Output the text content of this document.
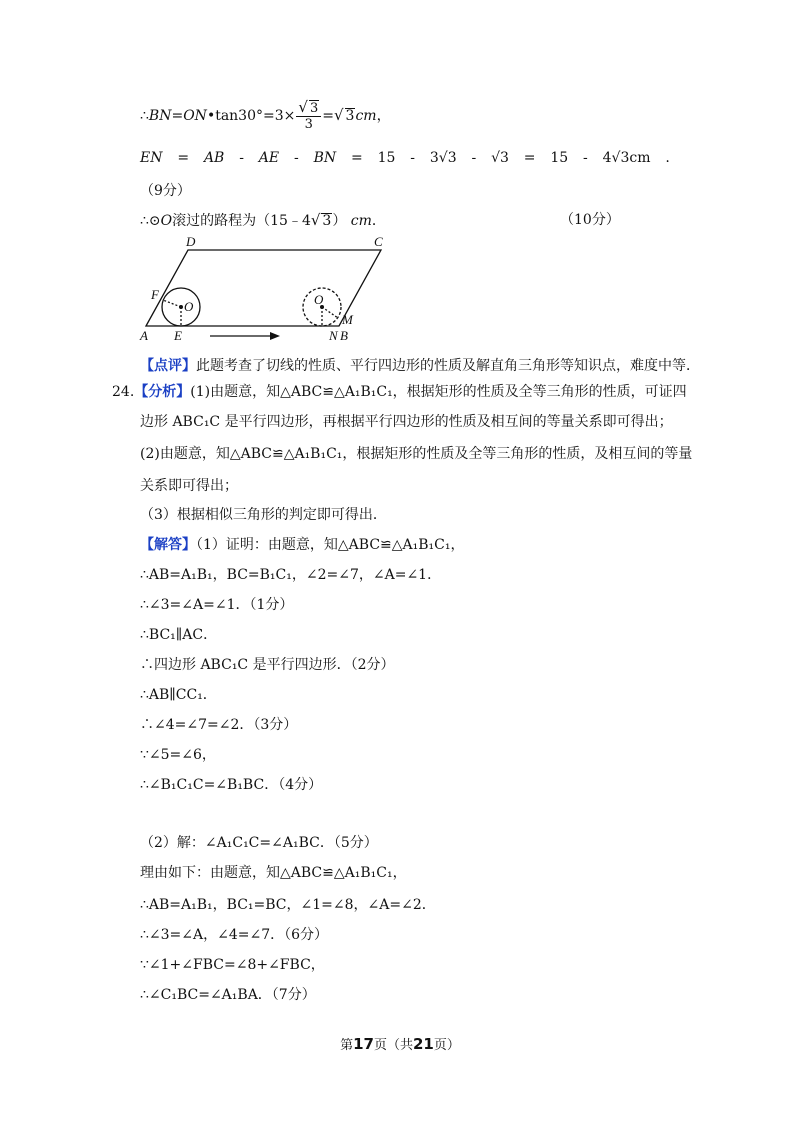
∴BN=ON•tan30°=3× $\frac{√ 3}{3}$ =√ 3cm，
EN = AB - AE - BN = 15 - 3√3 - √3 = 15 - 4√3cm .
（9分）
∴⊙O滚过的路程为（15﹣4√ 3） cm．	（10分）
D	C
F
O	O
A E	N B
M
【点评】此题考查了切线的性质、平行四边形的性质及解直角三角形等知识点，难度中等．
24.【分析】(1)由题意，知△ABC≌△A₁B₁C₁，根据矩形的性质及全等三角形的性质，可证四
边形 ABC₁C 是平行四边形，再根据平行四边形的性质及相互间的等量关系即可得出；
(2)由题意，知△ABC≌△A₁B₁C₁，根据矩形的性质及全等三角形的性质，及相互间的等量
关系即可得出；
（3）根据相似三角形的判定即可得出．
【解答】（1）证明：由题意，知△ABC≌△A₁B₁C₁，
∴AB=A₁B₁，BC=B₁C₁，∠2=∠7，∠A=∠1．
∴∠3=∠A=∠1．（1分）
∴BC₁∥AC．
∴四边形 ABC₁C 是平行四边形．（2分）
∴AB∥CC₁．
∴∠4=∠7=∠2．（3分）
∵∠5=∠6，
∴∠B₁C₁C=∠B₁BC．（4分）
（2）解：∠A₁C₁C=∠A₁BC．（5分）
理由如下：由题意，知△ABC≌△A₁B₁C₁，
∴AB=A₁B₁，BC₁=BC，∠1=∠8，∠A=∠2．
∴∠3=∠A，∠4=∠7．（6分）
∵∠1+∠FBC=∠8+∠FBC，
∴∠C₁BC=∠A₁BA．（7分）
第17页（共21页）
